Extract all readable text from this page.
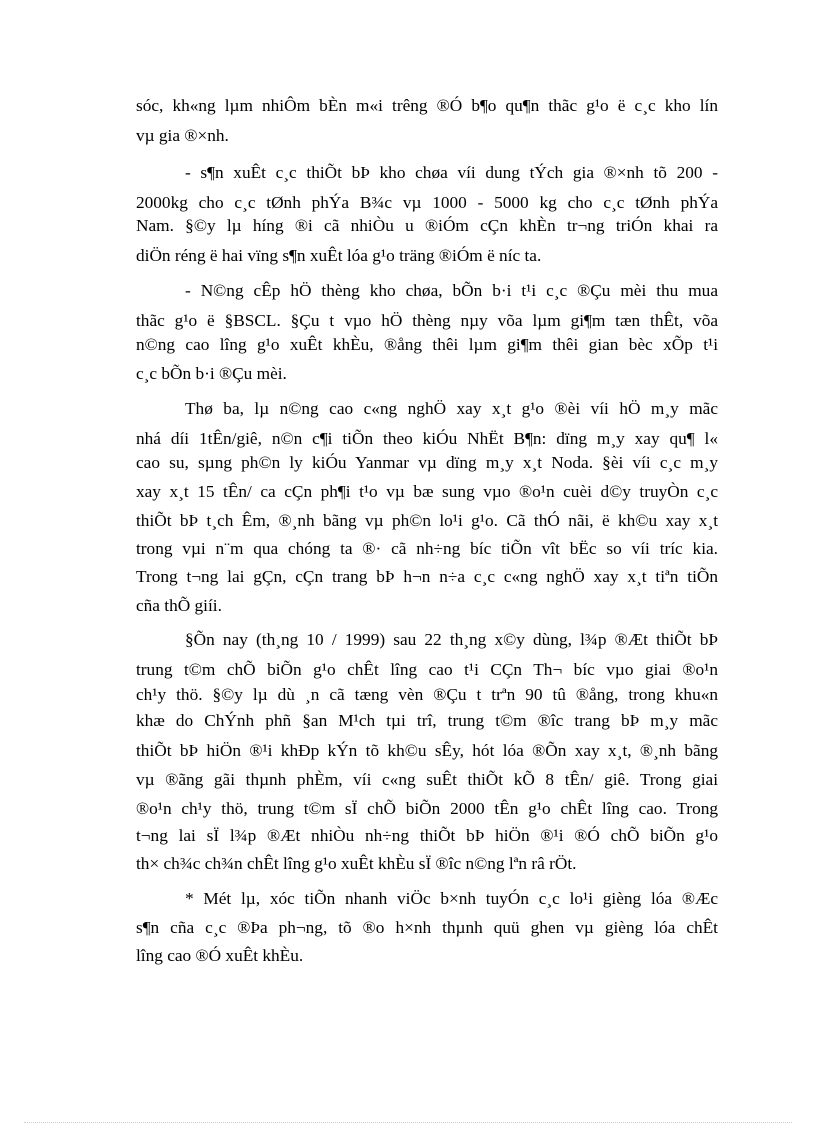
sóc, kh«ng lµm nhiÔm bÈn m«i trêng ®Ó b¶o qu¶n thãc g¹o ë c¸c kho lín
vµ gia ®×nh.
- s¶n xuÊt c¸c thiÕt bÞ kho chøa víi dung tÝch gia ®×nh tõ 200 -
2000kg cho c¸c tØnh phÝa B¾c vµ 1000 - 5000 kg cho c¸c tØnh phÝa
Nam. §©y lµ híng ®i cã nhiÒu u ®iÓm cÇn khÈn tr¬ng triÓn khai ra
diÖn réng ë hai vïng s¶n xuÊt lóa g¹o träng ®iÓm ë níc ta.
- N©ng cÊp hÖ thèng kho chøa, bÕn b·i t¹i c¸c ®Çu mèi thu mua
thãc g¹o ë §BSCL. §Çu t vµo hÖ thèng nµy võa lµm gi¶m tæn thÊt, võa
n©ng cao lîng g¹o xuÊt khÈu, ®ång thêi lµm gi¶m thêi gian bèc xÕp t¹i
c¸c bÕn b·i ®Çu mèi.
Thø ba, lµ n©ng cao c«ng nghÖ xay x¸t g¹o ®èi víi hÖ m¸y mãc
nhá díi 1tÊn/giê, n©n c¶i tiÕn theo kiÓu NhËt B¶n: dïng m¸y xay qu¶ l«
cao su, sµng ph©n ly kiÓu Yanmar vµ dïng m¸y x¸t Noda. §èi víi c¸c m¸y
xay x¸t 15 tÊn/ ca cÇn ph¶i t¹o vµ bæ sung vµo ®o¹n cuèi d©y truyÒn c¸c
thiÕt bÞ t¸ch Êm, ®¸nh bãng vµ ph©n lo¹i g¹o. Cã thÓ nãi, ë kh©u xay x¸t
trong vµi n¨m qua chóng ta ®· cã nh÷ng bíc tiÕn vît bËc so víi tríc kia.
Trong t¬ng lai gÇn, cÇn trang bÞ h¬n n÷a c¸c c«ng nghÖ xay x¸t tiªn tiÕn
cña thÕ giíi.
§Õn nay (th¸ng 10 / 1999) sau 22 th¸ng x©y dùng, l¾p ®Æt thiÕt bÞ
trung t©m chÕ biÕn g¹o chÊt lîng cao t¹i CÇn Th¬ bíc vµo giai ®o¹n
ch¹y thö. §©y lµ dù ¸n cã tæng vèn ®Çu t trªn 90 tû ®ång, trong khu«n
khæ do ChÝnh phñ §an M¹ch tµi trî, trung t©m ®îc trang bÞ m¸y mãc
thiÕt bÞ hiÖn ®¹i khÐp kÝn tõ kh©u sÊy, hót lóa ®Õn xay x¸t, ®¸nh bãng
vµ ®ãng gãi thµnh phÈm, víi c«ng suÊt thiÕt kÕ 8 tÊn/ giê. Trong giai
®o¹n ch¹y thö, trung t©m sÏ chÕ biÕn 2000 tÊn g¹o chÊt lîng cao. Trong
t¬ng lai sÏ l¾p ®Æt nhiÒu nh÷ng thiÕt bÞ hiÖn ®¹i ®Ó chÕ biÕn g¹o
th× ch¾c ch¾n chÊt lîng g¹o xuÊt khÈu sÏ ®îc n©ng lªn râ rÖt.
* Mét lµ, xóc tiÕn nhanh viÖc b×nh tuyÓn c¸c lo¹i gièng lóa ®Æc
s¶n cña c¸c ®Þa ph¬ng, tõ ®o h×nh thµnh quü ghen vµ gièng lóa chÊt
lîng cao ®Ó xuÊt khÈu.
